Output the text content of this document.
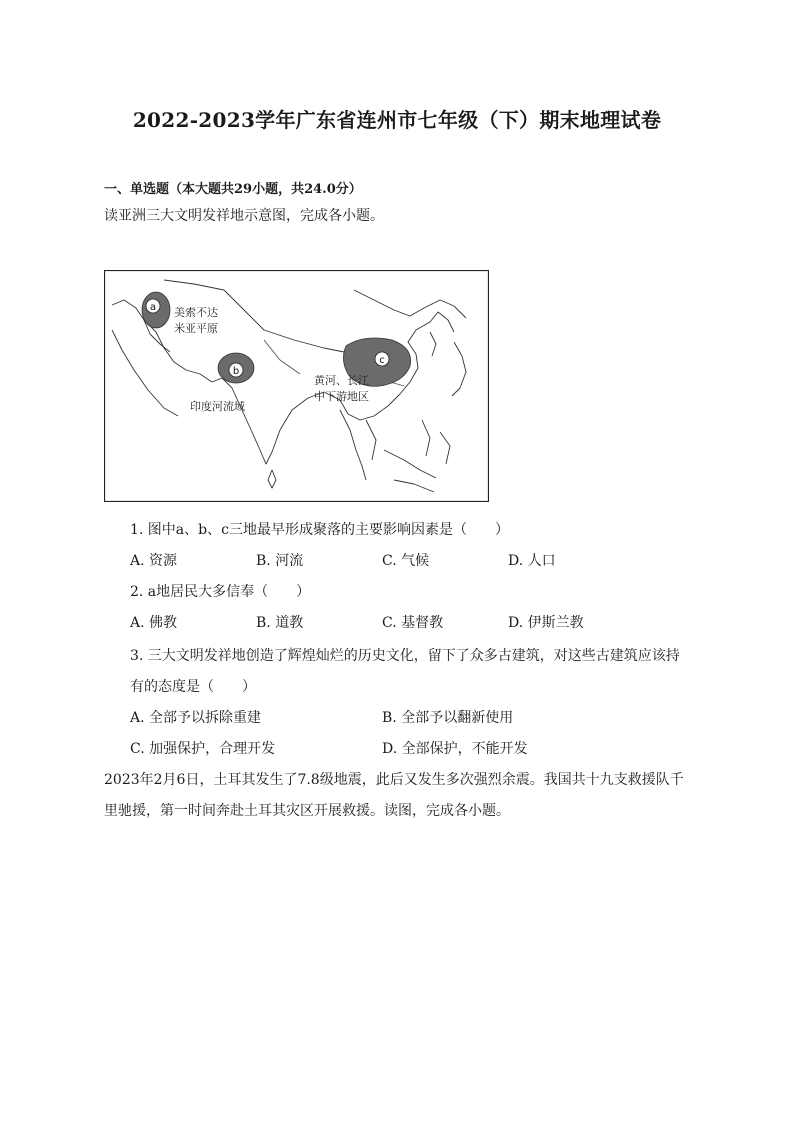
2022-2023学年广东省连州市七年级（下）期末地理试卷
一、单选题（本大题共29小题，共24.0分）
读亚洲三大文明发祥地示意图，完成各小题。
a
b
c
美索不达
米亚平原
印度河流域
黄河、长江
中下游地区
1. 图中a、b、c三地最早形成聚落的主要影响因素是（　　）
A. 资源	B. 河流	C. 气候	D. 人口
2. a地居民大多信奉（　　）
A. 佛教	B. 道教	C. 基督教	D. 伊斯兰教
3. 三大文明发祥地创造了辉煌灿烂的历史文化，留下了众多古建筑，对这些古建筑应该持
有的态度是（　　）
A. 全部予以拆除重建	B. 全部予以翻新使用
C. 加强保护，合理开发	D. 全部保护，不能开发
2023年2月6日，土耳其发生了7.8级地震，此后又发生多次强烈余震。我国共十九支救援队千
里驰援，第一时间奔赴土耳其灾区开展救援。读图，完成各小题。
